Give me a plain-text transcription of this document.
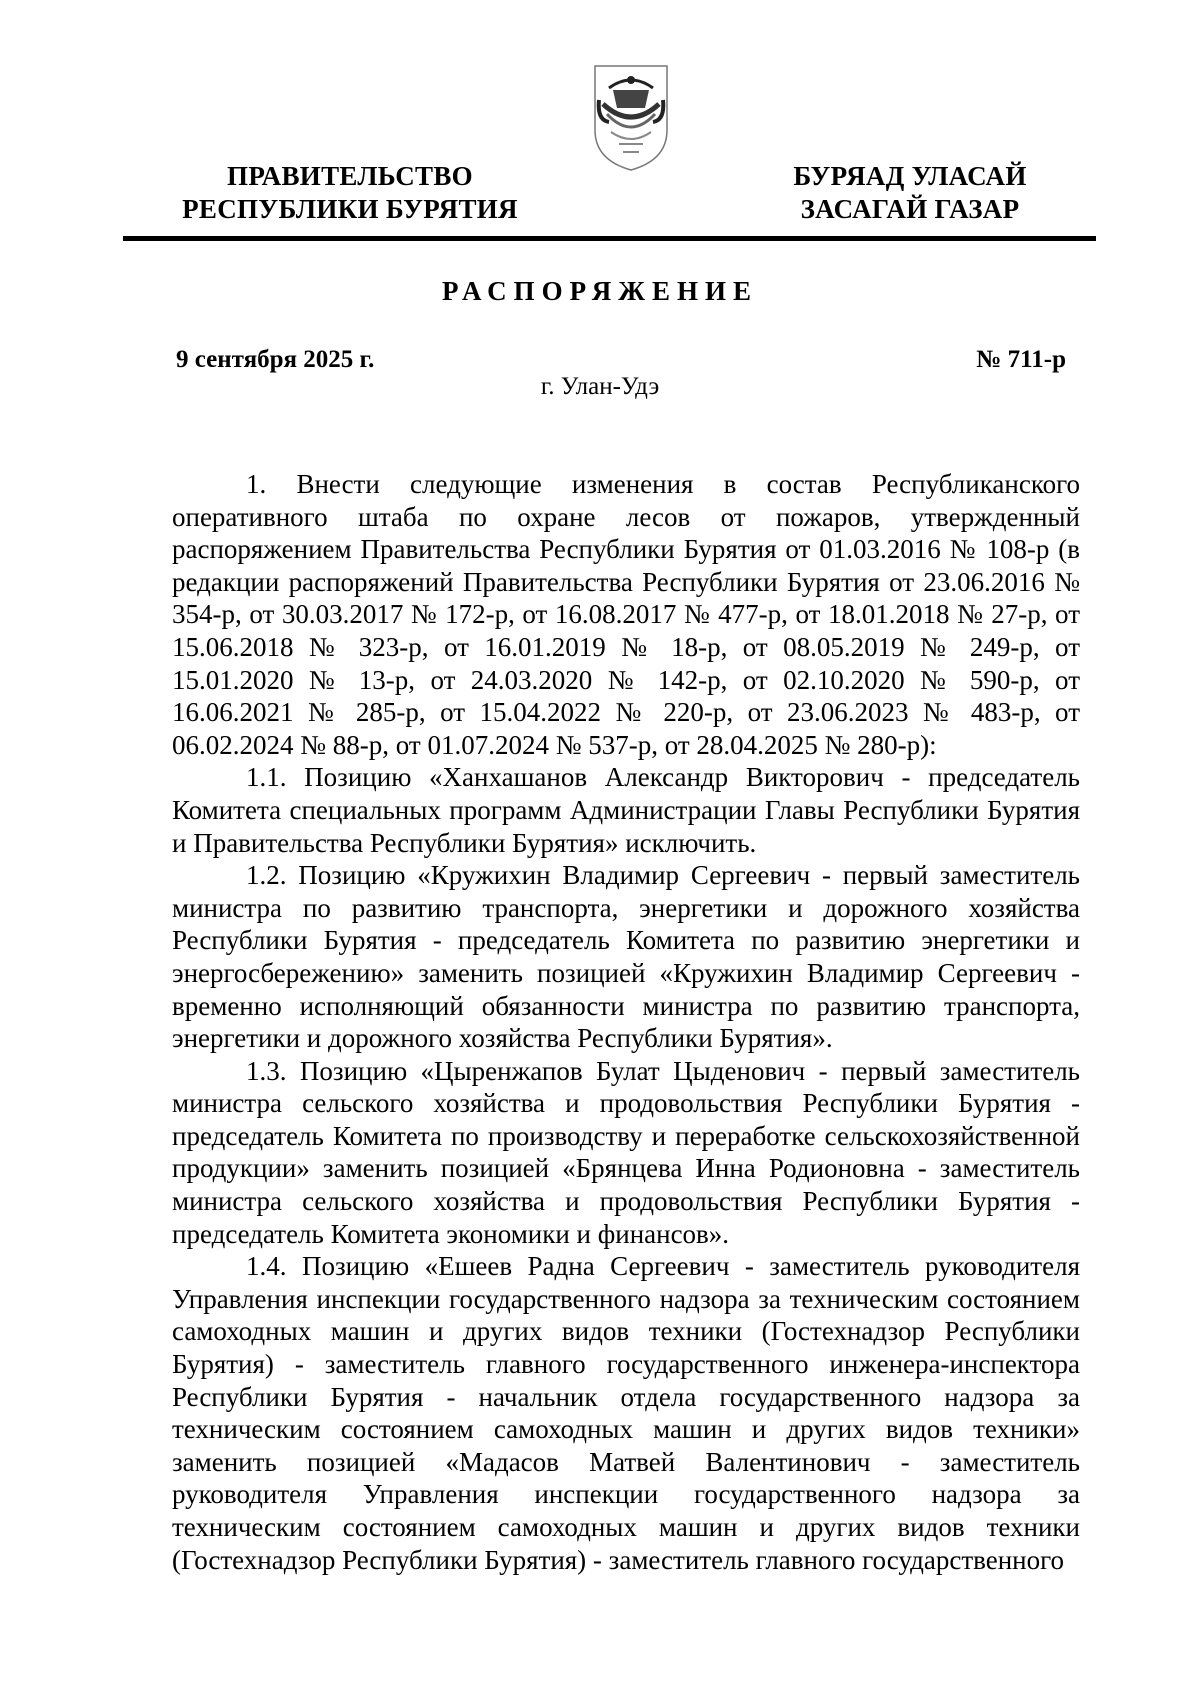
ПРАВИТЕЛЬСТВО
РЕСПУБЛИКИ БУРЯТИЯ
БУРЯАД УЛАСАЙ
ЗАСАГАЙ ГАЗАР
РАСПОРЯЖЕНИЕ
9 сентября 2025 г.	№ 711-р
г. Улан-Удэ

1. Внести следующие изменения в состав Республиканского оперативного штаба по охране лесов от пожаров, утвержденный распоряжением Правительства Республики Бурятия от 01.03.2016 № 108-р (в редакции распоряжений Правительства Республики Бурятия от 23.06.2016 № 354-р, от 30.03.2017 № 172-р, от 16.08.2017 № 477-р, от 18.01.2018 № 27-р, от 15.06.2018 № 323-р, от 16.01.2019 № 18-р, от 08.05.2019 № 249-р, от 15.01.2020 № 13-р, от 24.03.2020 № 142-р, от 02.10.2020 № 590-р, от 16.06.2021 № 285-р, от 15.04.2022 № 220-р, от 23.06.2023 № 483-р, от 06.02.2024 № 88-р, от 01.07.2024 № 537-р, от 28.04.2025 № 280-р):

1.1. Позицию «Ханхашанов Александр Викторович - председатель Комитета специальных программ Администрации Главы Республики Бурятия и Правительства Республики Бурятия» исключить.

1.2. Позицию «Кружихин Владимир Сергеевич - первый заместитель министра по развитию транспорта, энергетики и дорожного хозяйства Республики Бурятия - председатель Комитета по развитию энергетики и энергосбережению» заменить позицией «Кружихин Владимир Сергеевич - временно исполняющий обязанности министра по развитию транспорта, энергетики и дорожного хозяйства Республики Бурятия».

1.3. Позицию «Цыренжапов Булат Цыденович - первый заместитель министра сельского хозяйства и продовольствия Республики Бурятия - председатель Комитета по производству и переработке сельскохозяйственной продукции» заменить позицией «Брянцева Инна Родионовна - заместитель министра сельского хозяйства и продовольствия Республики Бурятия - председатель Комитета экономики и финансов».

1.4. Позицию «Ешеев Радна Сергеевич - заместитель руководителя Управления инспекции государственного надзора за техническим состоянием самоходных машин и других видов техники (Гостехнадзор Республики Бурятия) - заместитель главного государственного инженера-инспектора Республики Бурятия - начальник отдела государственного надзора за техническим состоянием самоходных машин и других видов техники» заменить позицией «Мадасов Матвей Валентинович - заместитель руководителя Управления инспекции государственного надзора за техническим состоянием самоходных машин и других видов техники (Гостехнадзор Республики Бурятия) - заместитель главного государственного
